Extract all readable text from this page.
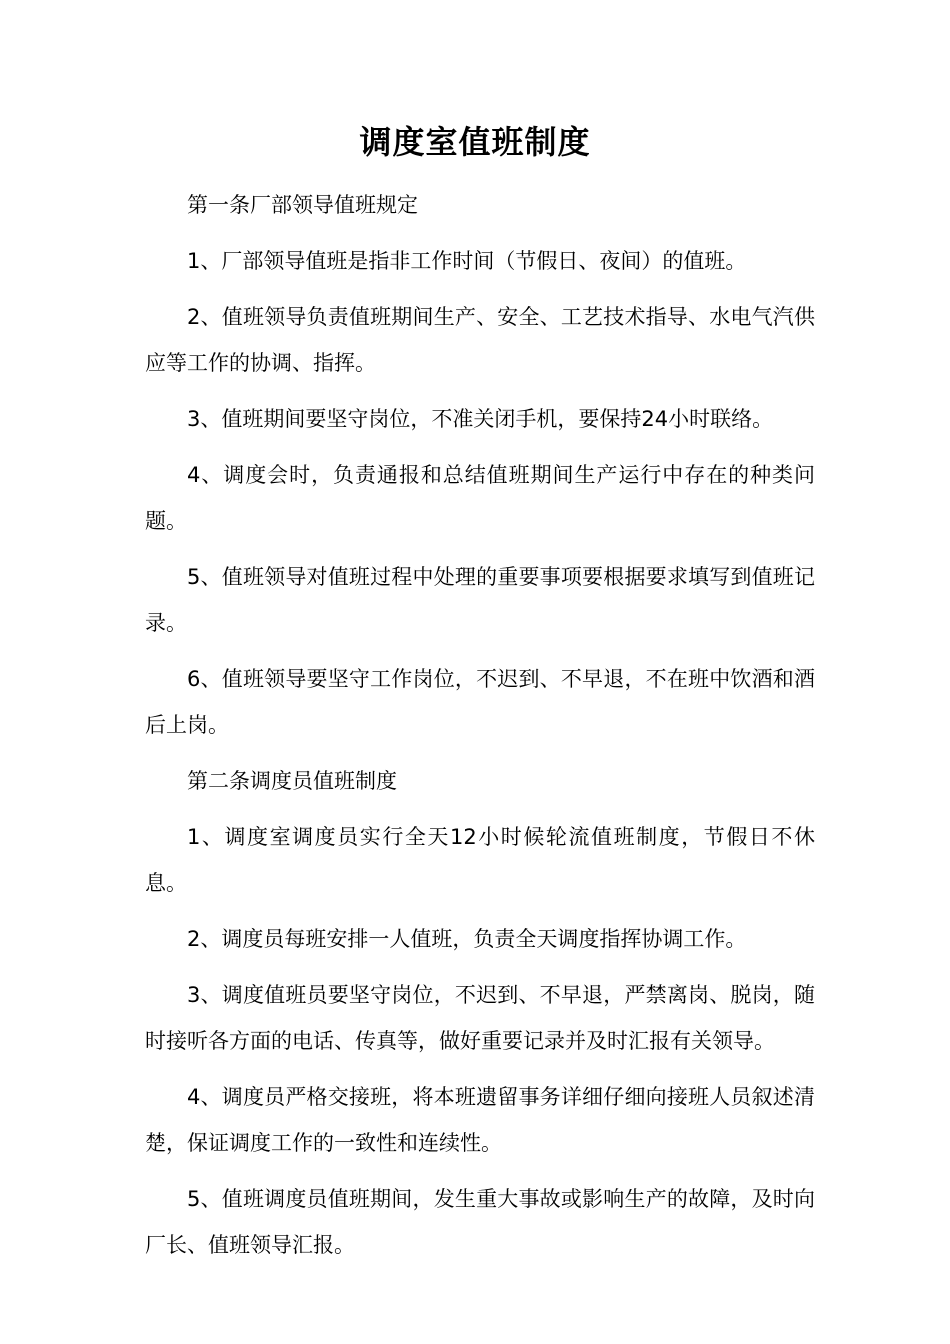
调度室值班制度

第一条厂部领导值班规定

1、厂部领导值班是指非工作时间（节假日、夜间）的值班。

2、值班领导负责值班期间生产、安全、工艺技术指导、水电气汽供应等工作的协调、指挥。

3、值班期间要坚守岗位，不准关闭手机，要保持24小时联络。

4、调度会时，负责通报和总结值班期间生产运行中存在的种类问题。

5、值班领导对值班过程中处理的重要事项要根据要求填写到值班记录。

6、值班领导要坚守工作岗位，不迟到、不早退，不在班中饮酒和酒后上岗。

第二条调度员值班制度

1、调度室调度员实行全天12小时候轮流值班制度，节假日不休息。

2、调度员每班安排一人值班，负责全天调度指挥协调工作。

3、调度值班员要坚守岗位，不迟到、不早退，严禁离岗、脱岗，随时接听各方面的电话、传真等，做好重要记录并及时汇报有关领导。

4、调度员严格交接班，将本班遗留事务详细仔细向接班人员叙述清楚，保证调度工作的一致性和连续性。

5、值班调度员值班期间，发生重大事故或影响生产的故障，及时向厂长、值班领导汇报。
